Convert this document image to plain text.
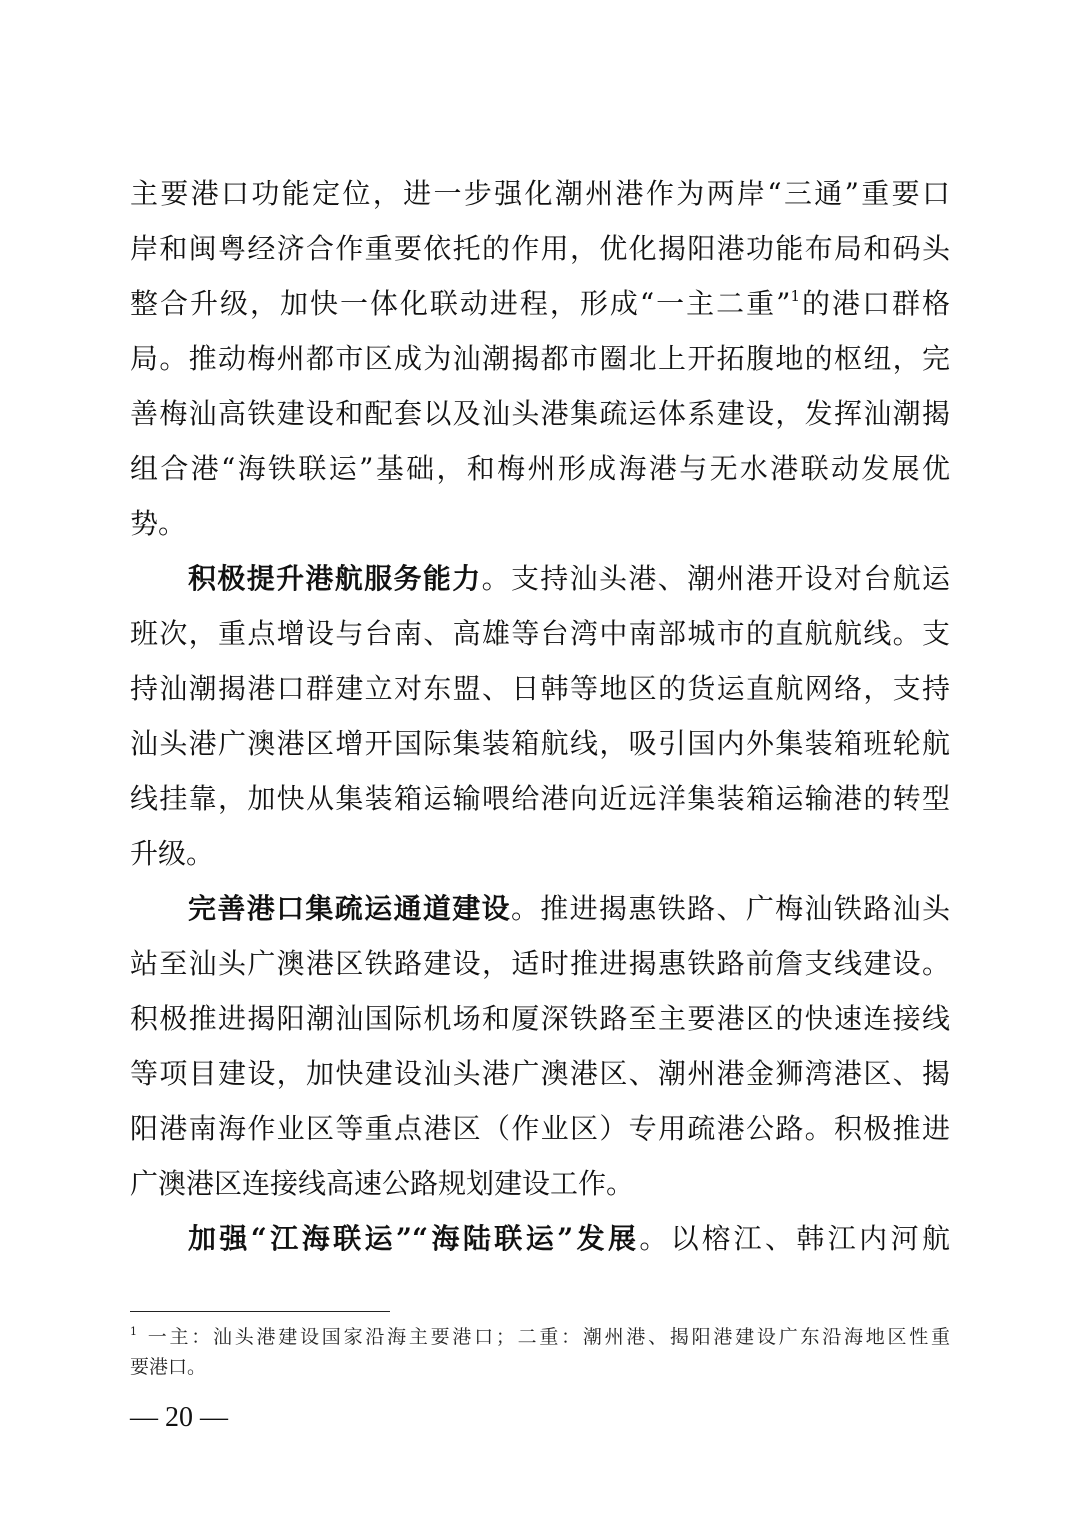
主要港口功能定位，进一步强化潮州港作为两岸“三通”重要口
岸和闽粤经济合作重要依托的作用，优化揭阳港功能布局和码头
整合升级，加快一体化联动进程，形成“一主二重”$^1$的港口群格
局。推动梅州都市区成为汕潮揭都市圈北上开拓腹地的枢纽，完
善梅汕高铁建设和配套以及汕头港集疏运体系建设，发挥汕潮揭
组合港“海铁联运”基础，和梅州形成海港与无水港联动发展优
势。
积极提升港航服务能力。支持汕头港、潮州港开设对台航运
班次，重点增设与台南、高雄等台湾中南部城市的直航航线。支
持汕潮揭港口群建立对东盟、日韩等地区的货运直航网络，支持
汕头港广澳港区增开国际集装箱航线，吸引国内外集装箱班轮航
线挂靠，加快从集装箱运输喂给港向近远洋集装箱运输港的转型
升级。
完善港口集疏运通道建设。推进揭惠铁路、广梅汕铁路汕头
站至汕头广澳港区铁路建设，适时推进揭惠铁路前詹支线建设。
积极推进揭阳潮汕国际机场和厦深铁路至主要港区的快速连接线
等项目建设，加快建设汕头港广澳港区、潮州港金狮湾港区、揭
阳港南海作业区等重点港区（作业区）专用疏港公路。积极推进
广澳港区连接线高速公路规划建设工作。
加强“江海联运”“海陆联运”发展。以榕江、韩江内河航
$^1$ 一主：汕头港建设国家沿海主要港口；二重：潮州港、揭阳港建设广东沿海地区性重
要港口。
— 20 —
